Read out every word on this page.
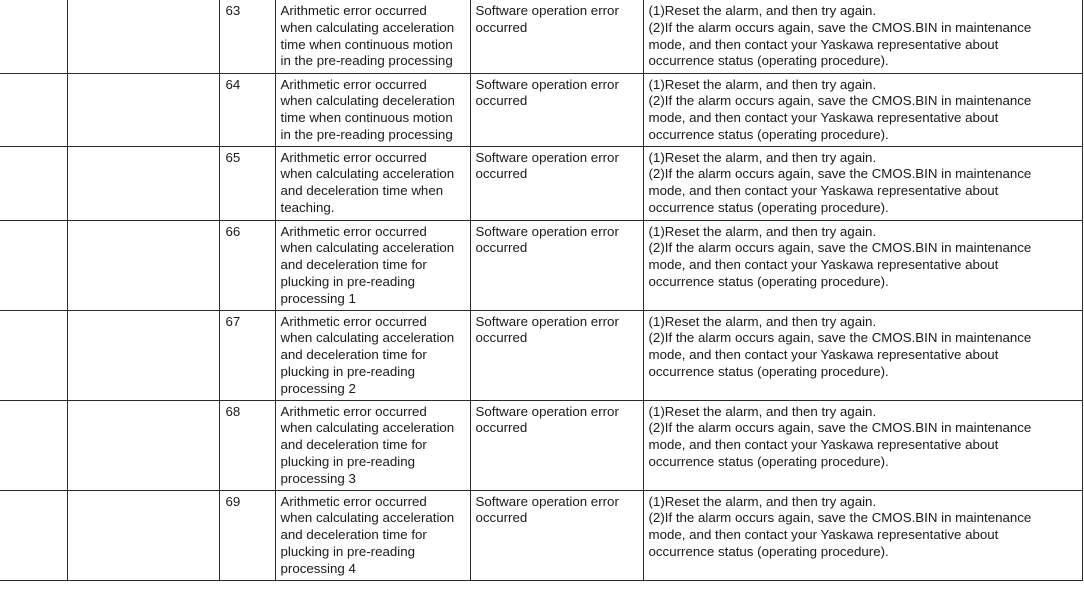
		63	Arithmetic error occurred
when calculating acceleration
time when continuous motion
in the pre-reading processing	Software operation error
occurred	(1)Reset the alarm, and then try again.
(2)If the alarm occurs again, save the CMOS.BIN in maintenance
mode, and then contact your Yaskawa representative about
occurrence status (operating procedure).
		64	Arithmetic error occurred
when calculating deceleration
time when continuous motion
in the pre-reading processing	Software operation error
occurred	(1)Reset the alarm, and then try again.
(2)If the alarm occurs again, save the CMOS.BIN in maintenance
mode, and then contact your Yaskawa representative about
occurrence status (operating procedure).
		65	Arithmetic error occurred
when calculating acceleration
and deceleration time when
teaching.	Software operation error
occurred	(1)Reset the alarm, and then try again.
(2)If the alarm occurs again, save the CMOS.BIN in maintenance
mode, and then contact your Yaskawa representative about
occurrence status (operating procedure).
		66	Arithmetic error occurred
when calculating acceleration
and deceleration time for
plucking in pre-reading
processing 1	Software operation error
occurred	(1)Reset the alarm, and then try again.
(2)If the alarm occurs again, save the CMOS.BIN in maintenance
mode, and then contact your Yaskawa representative about
occurrence status (operating procedure).
		67	Arithmetic error occurred
when calculating acceleration
and deceleration time for
plucking in pre-reading
processing 2	Software operation error
occurred	(1)Reset the alarm, and then try again.
(2)If the alarm occurs again, save the CMOS.BIN in maintenance
mode, and then contact your Yaskawa representative about
occurrence status (operating procedure).
		68	Arithmetic error occurred
when calculating acceleration
and deceleration time for
plucking in pre-reading
processing 3	Software operation error
occurred	(1)Reset the alarm, and then try again.
(2)If the alarm occurs again, save the CMOS.BIN in maintenance
mode, and then contact your Yaskawa representative about
occurrence status (operating procedure).
		69	Arithmetic error occurred
when calculating acceleration
and deceleration time for
plucking in pre-reading
processing 4	Software operation error
occurred	(1)Reset the alarm, and then try again.
(2)If the alarm occurs again, save the CMOS.BIN in maintenance
mode, and then contact your Yaskawa representative about
occurrence status (operating procedure).
